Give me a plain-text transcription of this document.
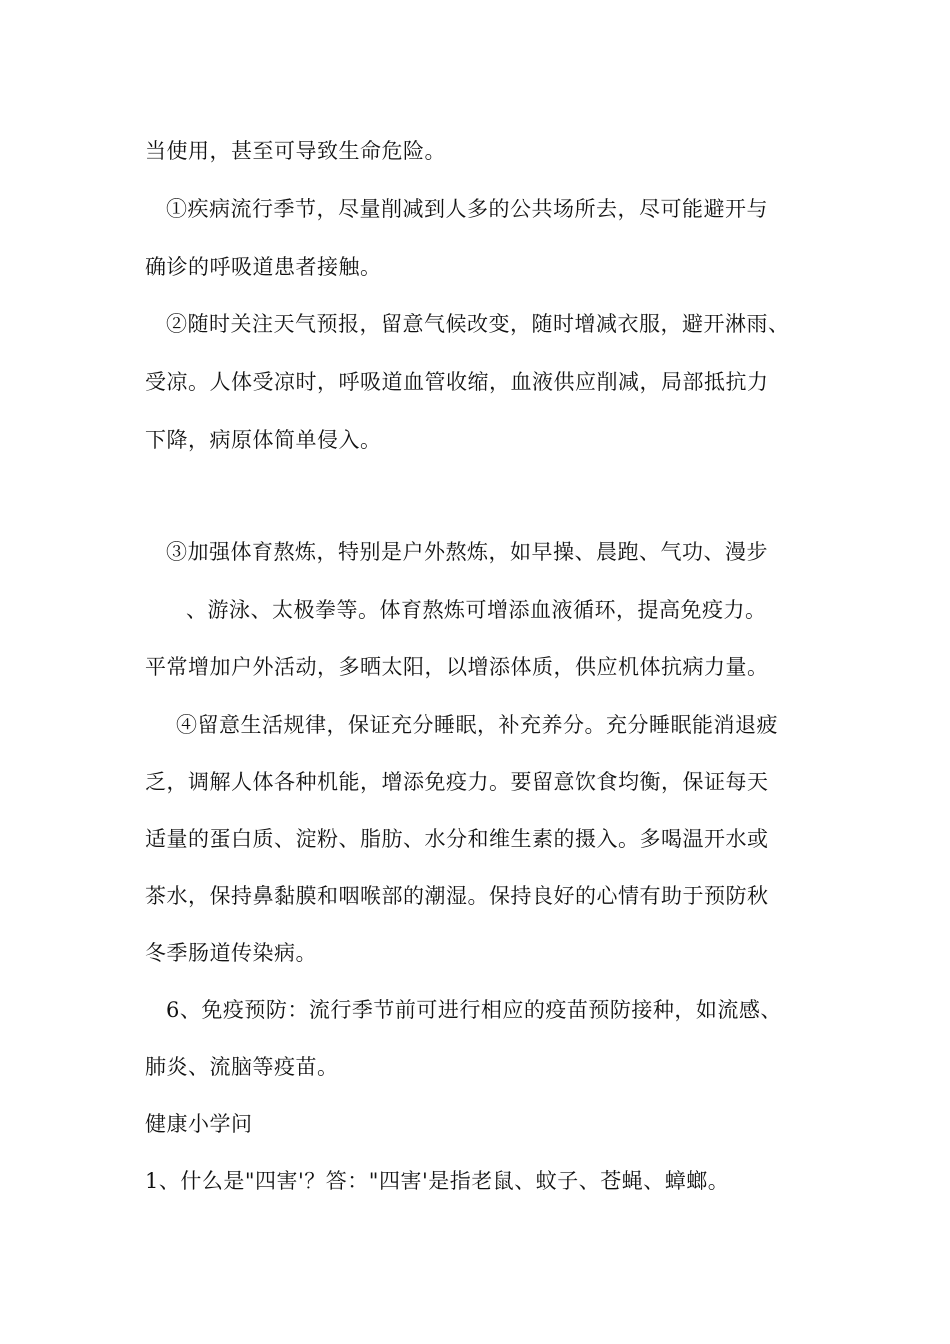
当使用，甚至可导致生命危险。
①疾病流行季节，尽量削减到人多的公共场所去，尽可能避开与
确诊的呼吸道患者接触。
②随时关注天气预报，留意气候改变，随时增减衣服，避开淋雨、
受凉。人体受凉时，呼吸道血管收缩，血液供应削减，局部抵抗力
下降，病原体简单侵入。
③加强体育熬炼，特别是户外熬炼，如早操、晨跑、气功、漫步
、游泳、太极拳等。体育熬炼可增添血液循环，提高免疫力。
平常增加户外活动，多晒太阳，以增添体质，供应机体抗病力量。
④留意生活规律，保证充分睡眠，补充养分。充分睡眠能消退疲
乏，调解人体各种机能，增添免疫力。要留意饮食均衡，保证每天
适量的蛋白质、淀粉、脂肪、水分和维生素的摄入。多喝温开水或
茶水，保持鼻黏膜和咽喉部的潮湿。保持良好的心情有助于预防秋
冬季肠道传染病。
6、免疫预防：流行季节前可进行相应的疫苗预防接种，如流感、
肺炎、流脑等疫苗。
健康小学问
1、什么是"四害'？答："四害'是指老鼠、蚊子、苍蝇、蟑螂。
